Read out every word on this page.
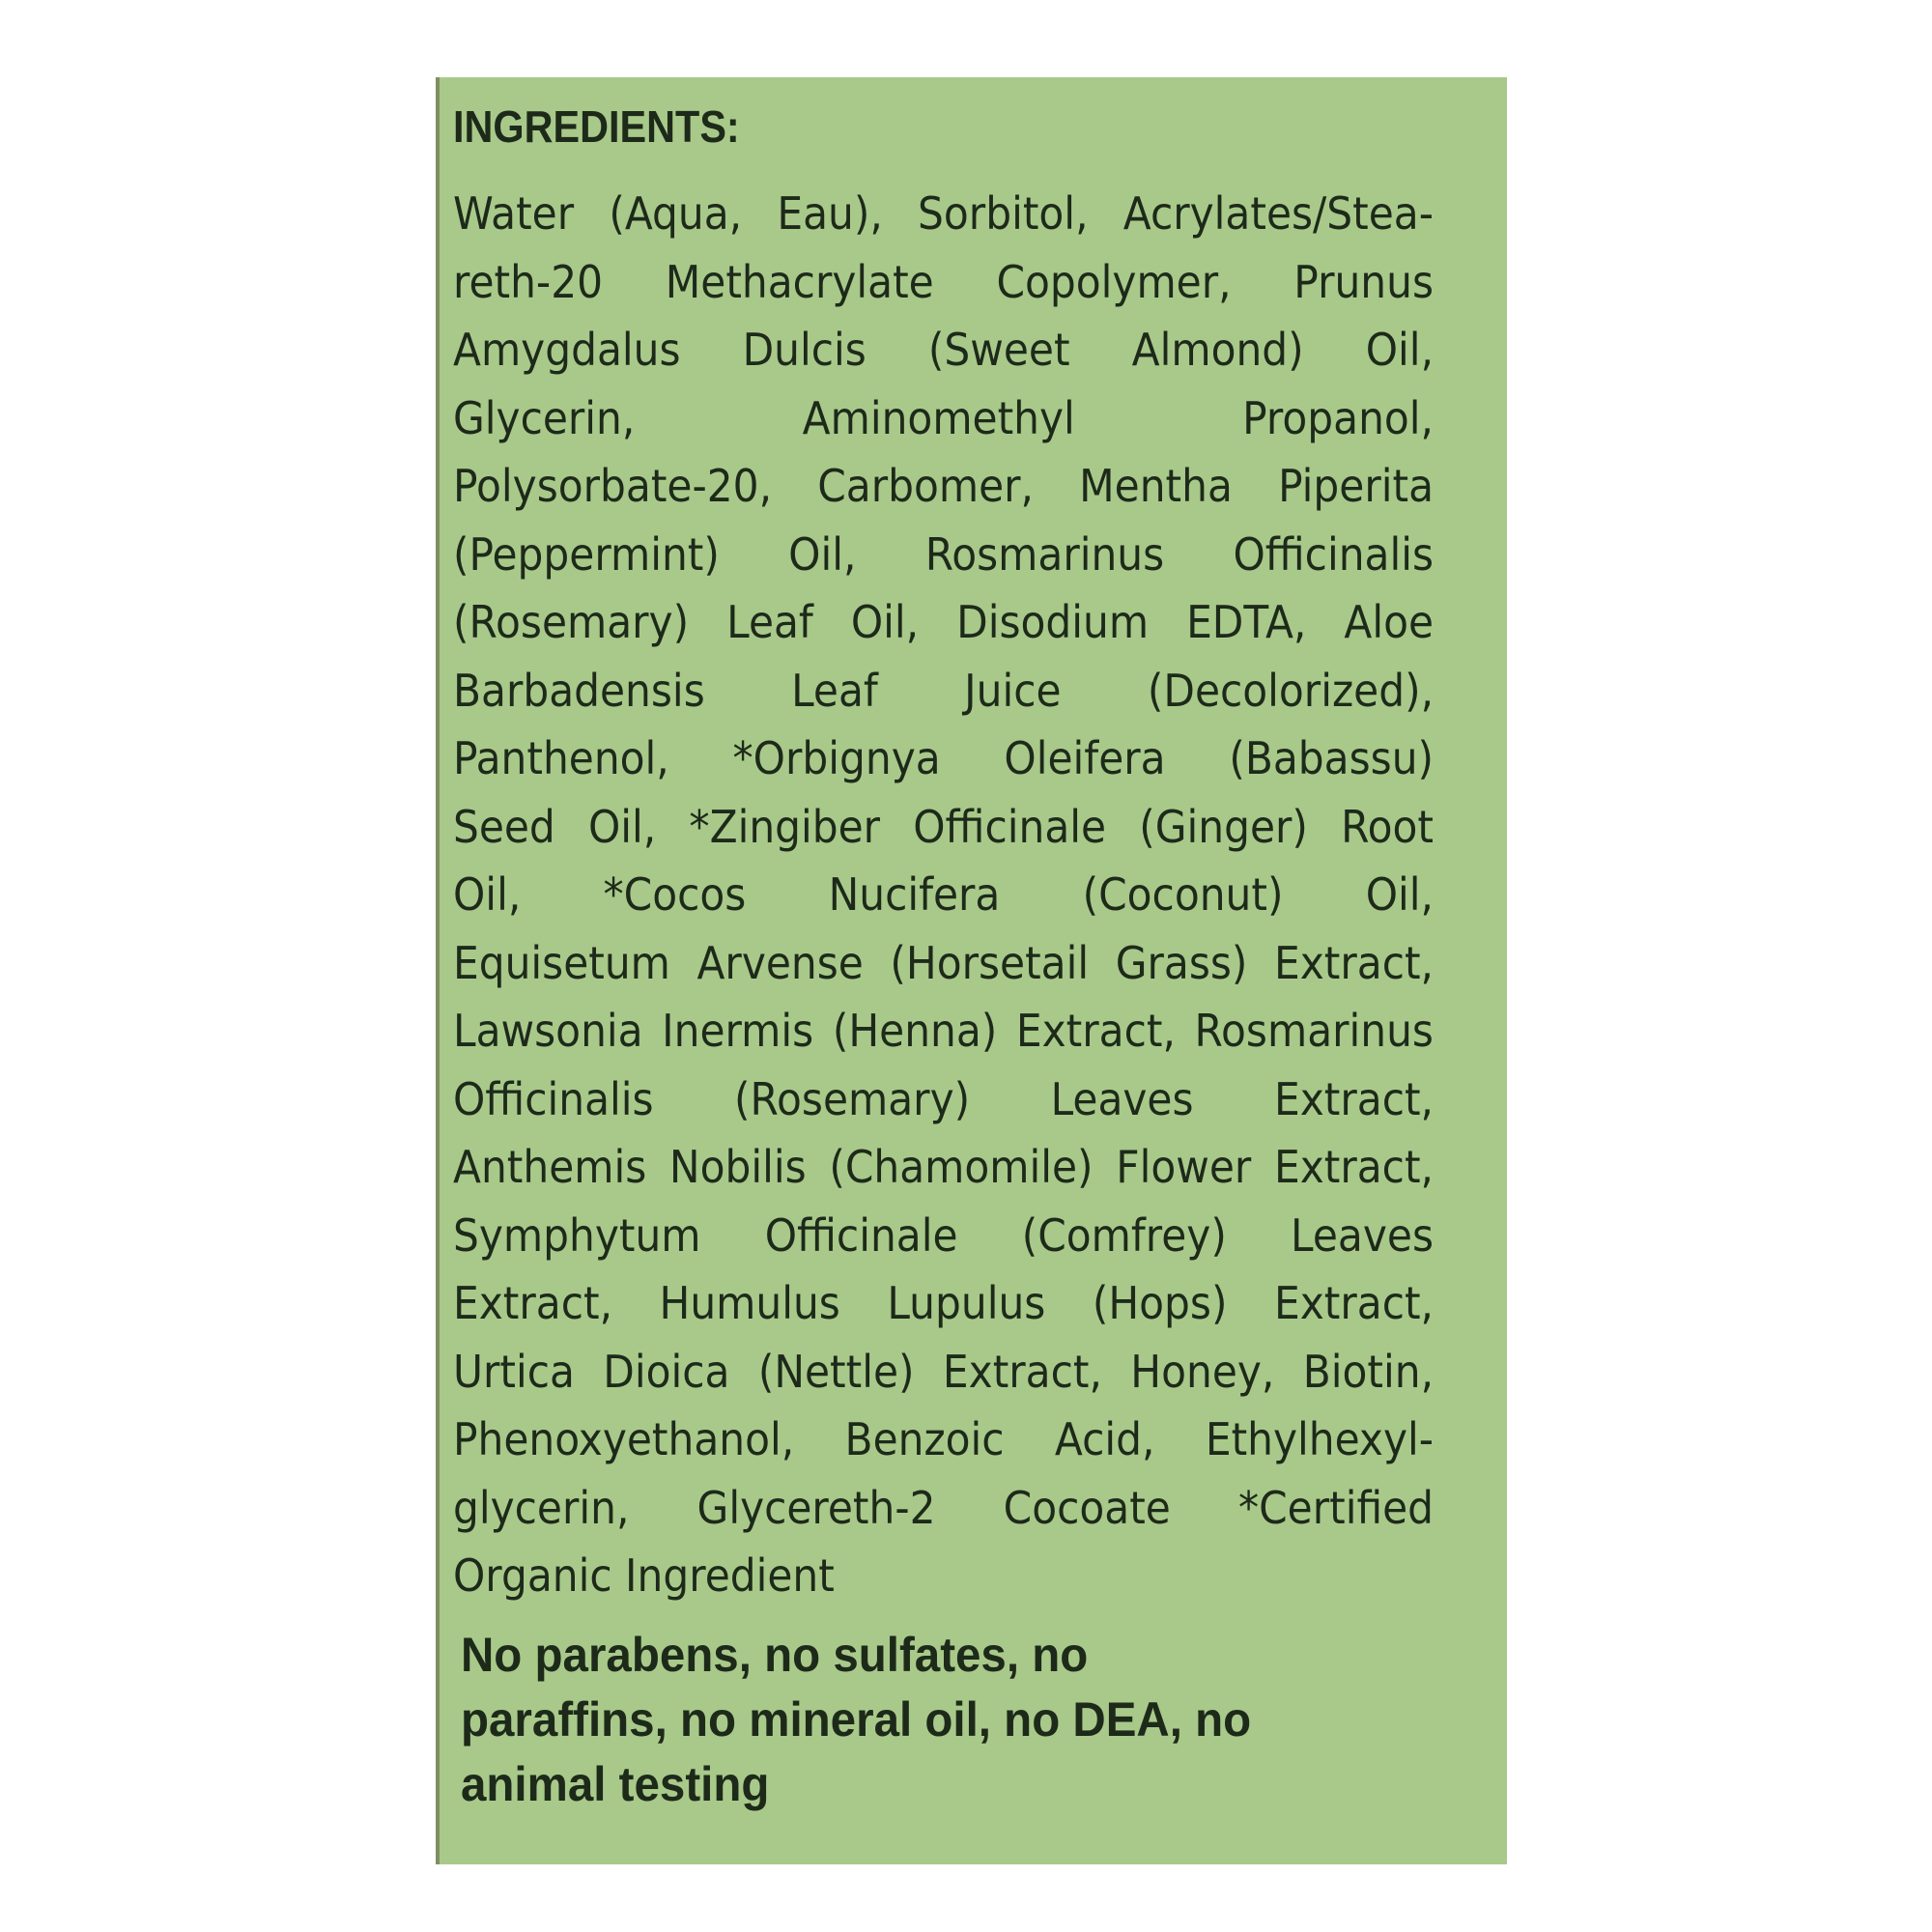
INGREDIENTS:
Water (Aqua, Eau), Sorbitol, Acrylates/Stea-
reth-20 Methacrylate Copolymer, Prunus
Amygdalus Dulcis (Sweet Almond) Oil,
Glycerin,	Aminomethyl	Propanol,
Polysorbate-20, Carbomer, Mentha Piperita
(Peppermint) Oil, Rosmarinus Officinalis
(Rosemary) Leaf Oil, Disodium EDTA, Aloe
Barbadensis Leaf Juice (Decolorized),
Panthenol, *Orbignya Oleifera (Babassu)
Seed Oil, *Zingiber Officinale (Ginger) Root
Oil, *Cocos Nucifera (Coconut) Oil,
Equisetum Arvense (Horsetail Grass) Extract,
Lawsonia Inermis (Henna) Extract, Rosmarinus
Officinalis (Rosemary) Leaves Extract,
Anthemis Nobilis (Chamomile) Flower Extract,
Symphytum Officinale (Comfrey) Leaves
Extract, Humulus Lupulus (Hops) Extract,
Urtica Dioica (Nettle) Extract, Honey, Biotin,
Phenoxyethanol, Benzoic Acid, Ethylhexyl-
glycerin, Glycereth-2 Cocoate *Certified
Organic Ingredient
No parabens, no sulfates, no
paraffins, no mineral oil, no DEA, no
animal testing
